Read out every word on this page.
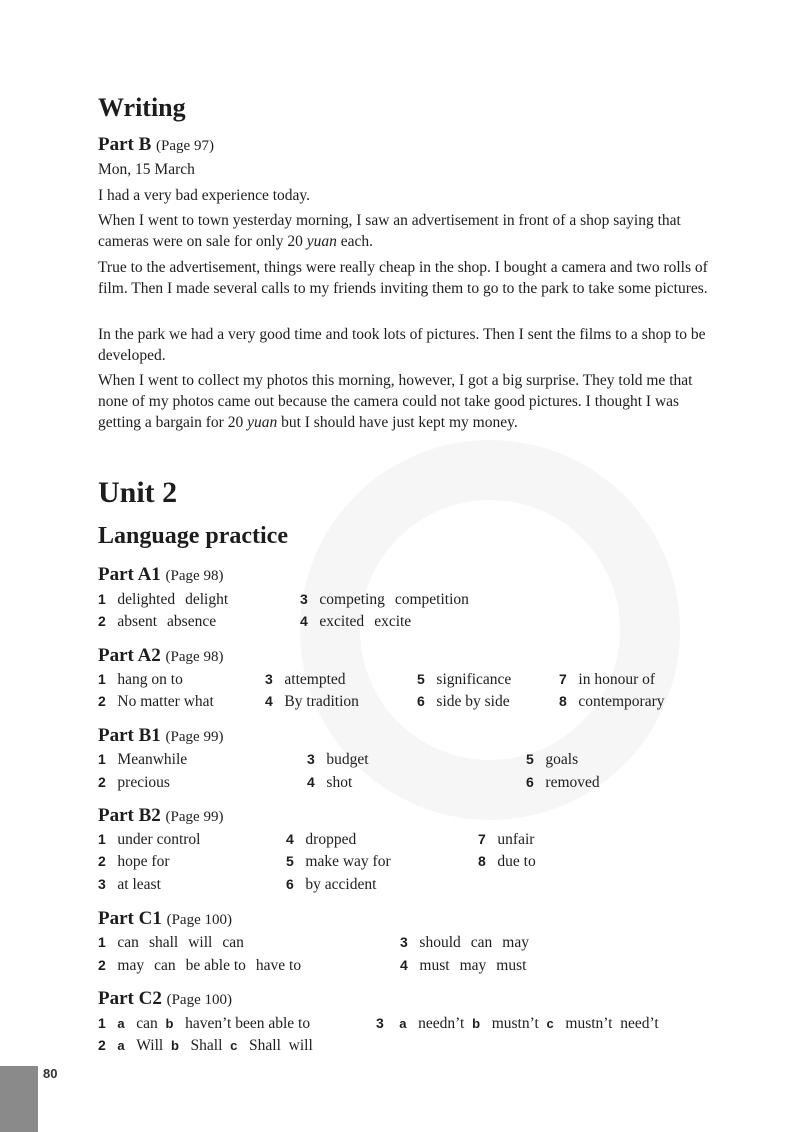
Writing
Part B (Page 97)
Mon, 15 March
I had a very bad experience today.
When I went to town yesterday morning, I saw an advertisement in front of a shop saying that cameras were on sale for only 20 yuan each.
True to the advertisement, things were really cheap in the shop. I bought a camera and two rolls of film. Then I made several calls to my friends inviting them to go to the park to take some pictures.
In the park we had a very good time and took lots of pictures. Then I sent the films to a shop to be developed.
When I went to collect my photos this morning, however, I got a big surprise. They told me that none of my photos came out because the camera could not take good pictures. I thought I was getting a bargain for 20 yuan but I should have just kept my money.
Unit 2
Language practice
Part A1 (Page 98)
1 delighted delight	3 competing competition
2 absent absence	4 excited excite
Part A2 (Page 98)
1 hang on to	3 attempted	5 significance	7 in honour of
2 No matter what	4 By tradition	6 side by side	8 contemporary
Part B1 (Page 99)
1 Meanwhile	3 budget	5 goals
2 precious	4 shot	6 removed
Part B2 (Page 99)
1 under control	4 dropped	7 unfair
2 hope for	5 make way for	8 due to
3 at least	6 by accident
Part C1 (Page 100)
1 can shall will can	3 should can may
2 may can be able to have to	4 must may must
Part C2 (Page 100)
1 a can b haven’t been able to	3 a needn’t b mustn’t c mustn’t  need’t
2 a Will b Shall c Shall  will
80
